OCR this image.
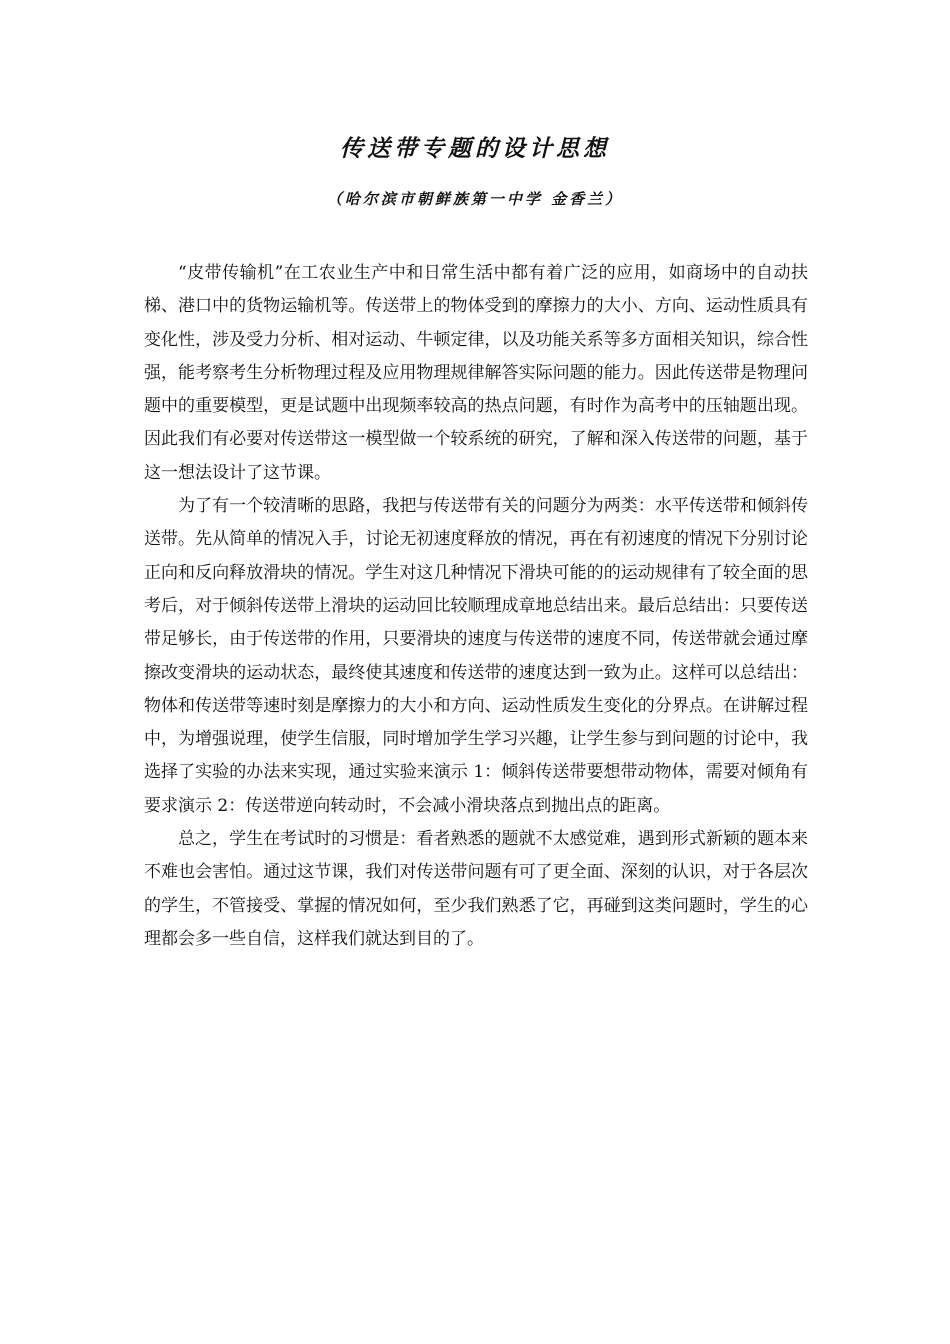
传送带专题的设计思想
（哈尔滨市朝鲜族第一中学 金香兰）

“皮带传输机”在工农业生产中和日常生活中都有着广泛的应用，如商场中的自动扶梯、港口中的货物运输机等。传送带上的物体受到的摩擦力的大小、方向、运动性质具有变化性，涉及受力分析、相对运动、牛顿定律，以及功能关系等多方面相关知识，综合性强，能考察考生分析物理过程及应用物理规律解答实际问题的能力。因此传送带是物理问题中的重要模型，更是试题中出现频率较高的热点问题，有时作为高考中的压轴题出现。因此我们有必要对传送带这一模型做一个较系统的研究，了解和深入传送带的问题，基于这一想法设计了这节课。

为了有一个较清晰的思路，我把与传送带有关的问题分为两类：水平传送带和倾斜传送带。先从简单的情况入手，讨论无初速度释放的情况，再在有初速度的情况下分别讨论正向和反向释放滑块的情况。学生对这几种情况下滑块可能的的运动规律有了较全面的思考后，对于倾斜传送带上滑块的运动回比较顺理成章地总结出来。最后总结出：只要传送带足够长，由于传送带的作用，只要滑块的速度与传送带的速度不同，传送带就会通过摩擦改变滑块的运动状态，最终使其速度和传送带的速度达到一致为止。这样可以总结出：物体和传送带等速时刻是摩擦力的大小和方向、运动性质发生变化的分界点。在讲解过程中，为增强说理，使学生信服，同时增加学生学习兴趣，让学生参与到问题的讨论中，我选择了实验的办法来实现，通过实验来演示 1：倾斜传送带要想带动物体，需要对倾角有要求演示 2：传送带逆向转动时，不会减小滑块落点到抛出点的距离。

总之，学生在考试时的习惯是：看者熟悉的题就不太感觉难，遇到形式新颖的题本来不难也会害怕。通过这节课，我们对传送带问题有可了更全面、深刻的认识，对于各层次的学生，不管接受、掌握的情况如何，至少我们熟悉了它，再碰到这类问题时，学生的心理都会多一些自信，这样我们就达到目的了。
